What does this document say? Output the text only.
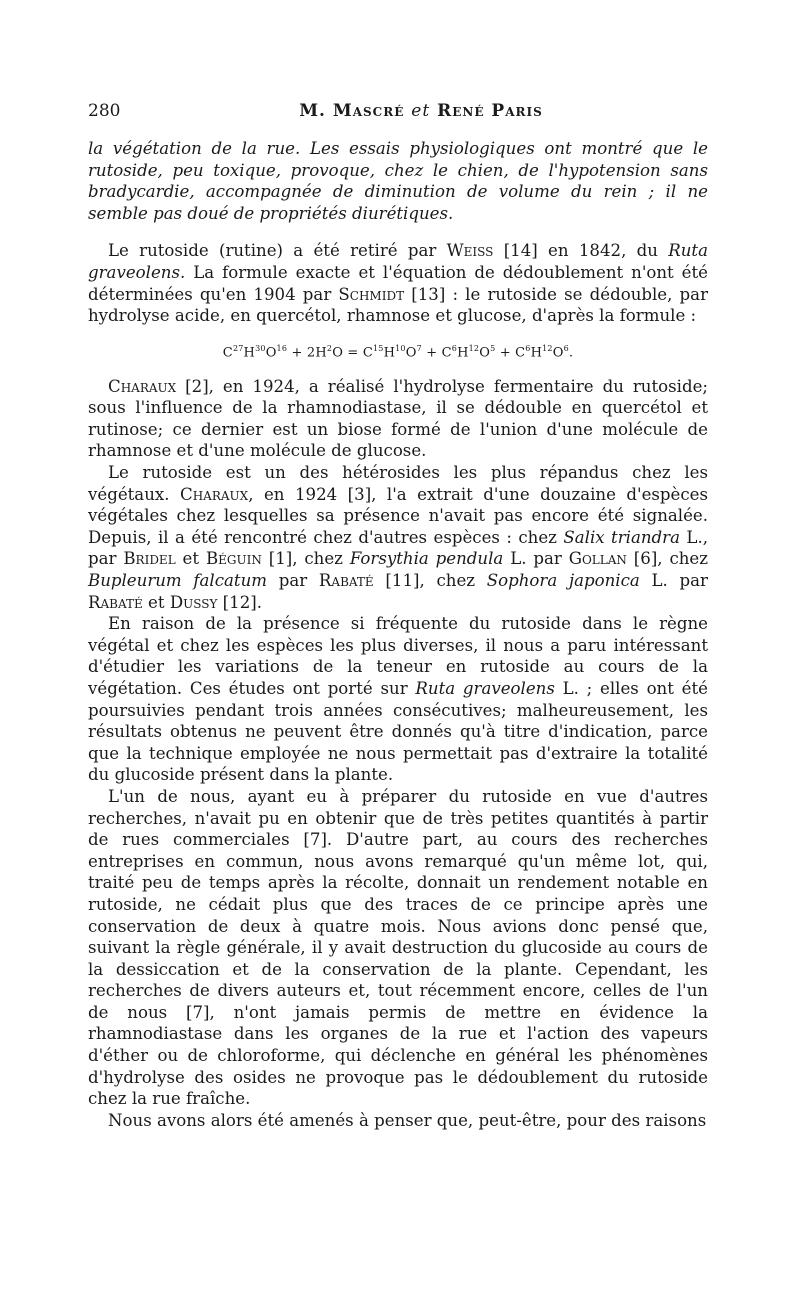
280	M. Mascré et René Paris

la végétation de la rue. Les essais physiologiques ont montré que le rutoside, peu toxique, provoque, chez le chien, de l'hypotension sans bradycardie, accompagnée de diminution de volume du rein ; il ne semble pas doué de propriétés diurétiques.

Le rutoside (rutine) a été retiré par Weiss [14] en 1842, du Ruta graveolens. La formule exacte et l'équation de dédoublement n'ont été déterminées qu'en 1904 par Schmidt [13] : le rutoside se dédouble, par hydrolyse acide, en quercétol, rhamnose et glucose, d'après la formule :

$C^{27}H^{30}O^{16} + 2H^2O = C^{15}H^{10}O^7 + C^6H^{12}O^5 + C^6H^{12}O^6$.

Charaux [2], en 1924, a réalisé l'hydrolyse fermentaire du rutoside; sous l'influence de la rhamnodiastase, il se dédouble en quercétol et rutinose; ce dernier est un biose formé de l'union d'une molécule de rhamnose et d'une molécule de glucose.

Le rutoside est un des hétérosides les plus répandus chez les végétaux. Charaux, en 1924 [3], l'a extrait d'une douzaine d'espèces végétales chez lesquelles sa présence n'avait pas encore été signalée. Depuis, il a été rencontré chez d'autres espèces : chez Salix triandra L., par Bridel et Béguin [1], chez Forsythia pendula L. par Gollan [6], chez Bupleurum falcatum par Rabaté [11], chez Sophora japonica L. par Rabaté et Dussy [12].

En raison de la présence si fréquente du rutoside dans le règne végétal et chez les espèces les plus diverses, il nous a paru intéressant d'étudier les variations de la teneur en rutoside au cours de la végétation. Ces études ont porté sur Ruta graveolens L. ; elles ont été poursuivies pendant trois années consécutives; malheureusement, les résultats obtenus ne peuvent être donnés qu'à titre d'indication, parce que la technique employée ne nous permettait pas d'extraire la totalité du glucoside présent dans la plante.

L'un de nous, ayant eu à préparer du rutoside en vue d'autres recherches, n'avait pu en obtenir que de très petites quantités à partir de rues commerciales [7]. D'autre part, au cours des recherches entreprises en commun, nous avons remarqué qu'un même lot, qui, traité peu de temps après la récolte, donnait un rendement notable en rutoside, ne cédait plus que des traces de ce principe après une conservation de deux à quatre mois. Nous avions donc pensé que, suivant la règle générale, il y avait destruction du glucoside au cours de la dessiccation et de la conservation de la plante. Cependant, les recherches de divers auteurs et, tout récemment encore, celles de l'un de nous [7], n'ont jamais permis de mettre en évidence la rhamnodiastase dans les organes de la rue et l'action des vapeurs d'éther ou de chloroforme, qui déclenche en général les phénomènes d'hydrolyse des osides ne provoque pas le dédoublement du rutoside chez la rue fraîche.

Nous avons alors été amenés à penser que, peut-être, pour des raisons
